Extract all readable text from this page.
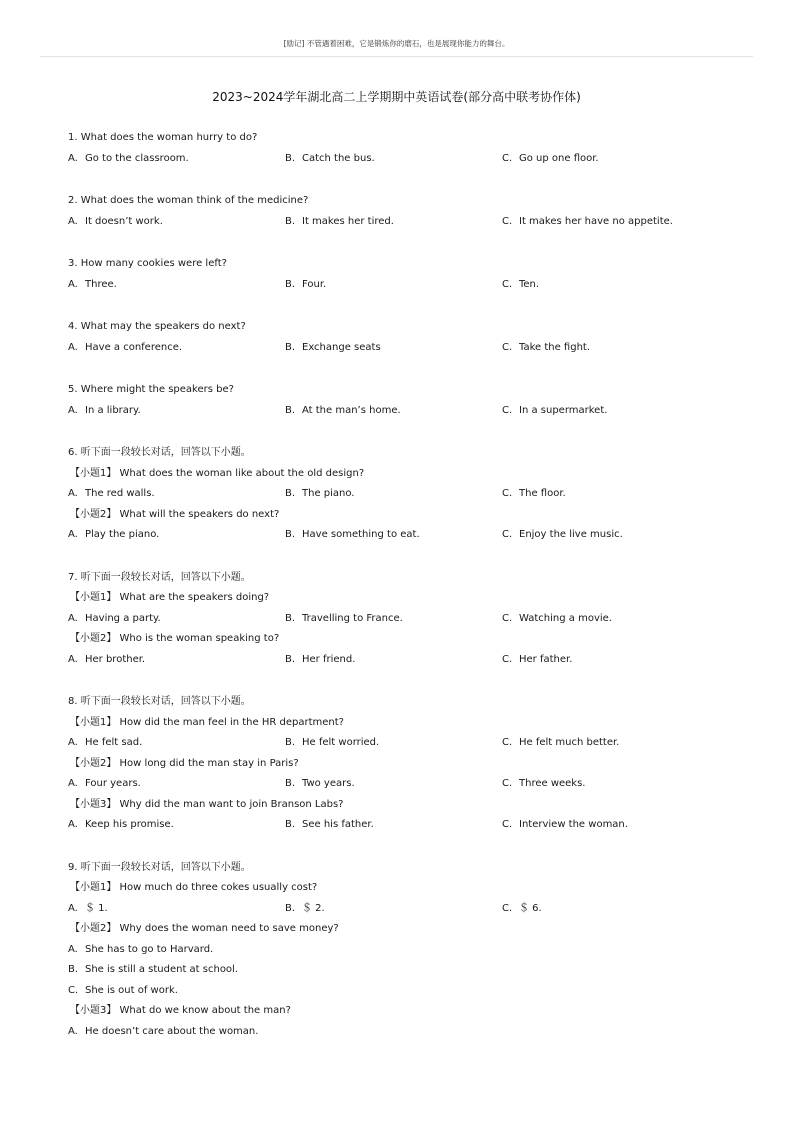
[励记] 不管遇着困难，它是锻炼你的磨石，也是展现你能力的舞台。
2023~2024学年湖北高二上学期期中英语试卷(部分高中联考协作体)
1. What does the woman hurry to do?
A. Go to the classroom.	B. Catch the bus.	C. Go up one floor.
2. What does the woman think of the medicine?
A. It doesn’t work.	B. It makes her tired.	C. It makes her have no appetite.
3. How many cookies were left?
A. Three.	B. Four.	C. Ten.
4. What may the speakers do next?
A. Have a conference.	B. Exchange seats	C. Take the fight.
5. Where might the speakers be?
A. In a library.	B. At the man’s home.	C. In a supermarket.
6. 听下面一段较长对话，回答以下小题。
【小题1】 What does the woman like about the old design?
A. The red walls.	B. The piano.	C. The floor.
【小题2】 What will the speakers do next?
A. Play the piano.	B. Have something to eat.	C. Enjoy the live music.
7. 听下面一段较长对话，回答以下小题。
【小题1】 What are the speakers doing?
A. Having a party.	B. Travelling to France.	C. Watching a movie.
【小题2】 Who is the woman speaking to?
A. Her brother.	B. Her friend.	C. Her father.
8. 听下面一段较长对话，回答以下小题。
【小题1】 How did the man feel in the HR department?
A. He felt sad.	B. He felt worried.	C. He felt much better.
【小题2】 How long did the man stay in Paris?
A. Four years.	B. Two years.	C. Three weeks.
【小题3】 Why did the man want to join Branson Labs?
A. Keep his promise.	B. See his father.	C. Interview the woman.
9. 听下面一段较长对话，回答以下小题。
【小题1】 How much do three cokes usually cost?
A. ＄ 1.	B. ＄ 2.	C. ＄ 6.
【小题2】 Why does the woman need to save money?
A. She has to go to Harvard.
B. She is still a student at school.
C. She is out of work.
【小题3】 What do we know about the man?
A. He doesn’t care about the woman.
